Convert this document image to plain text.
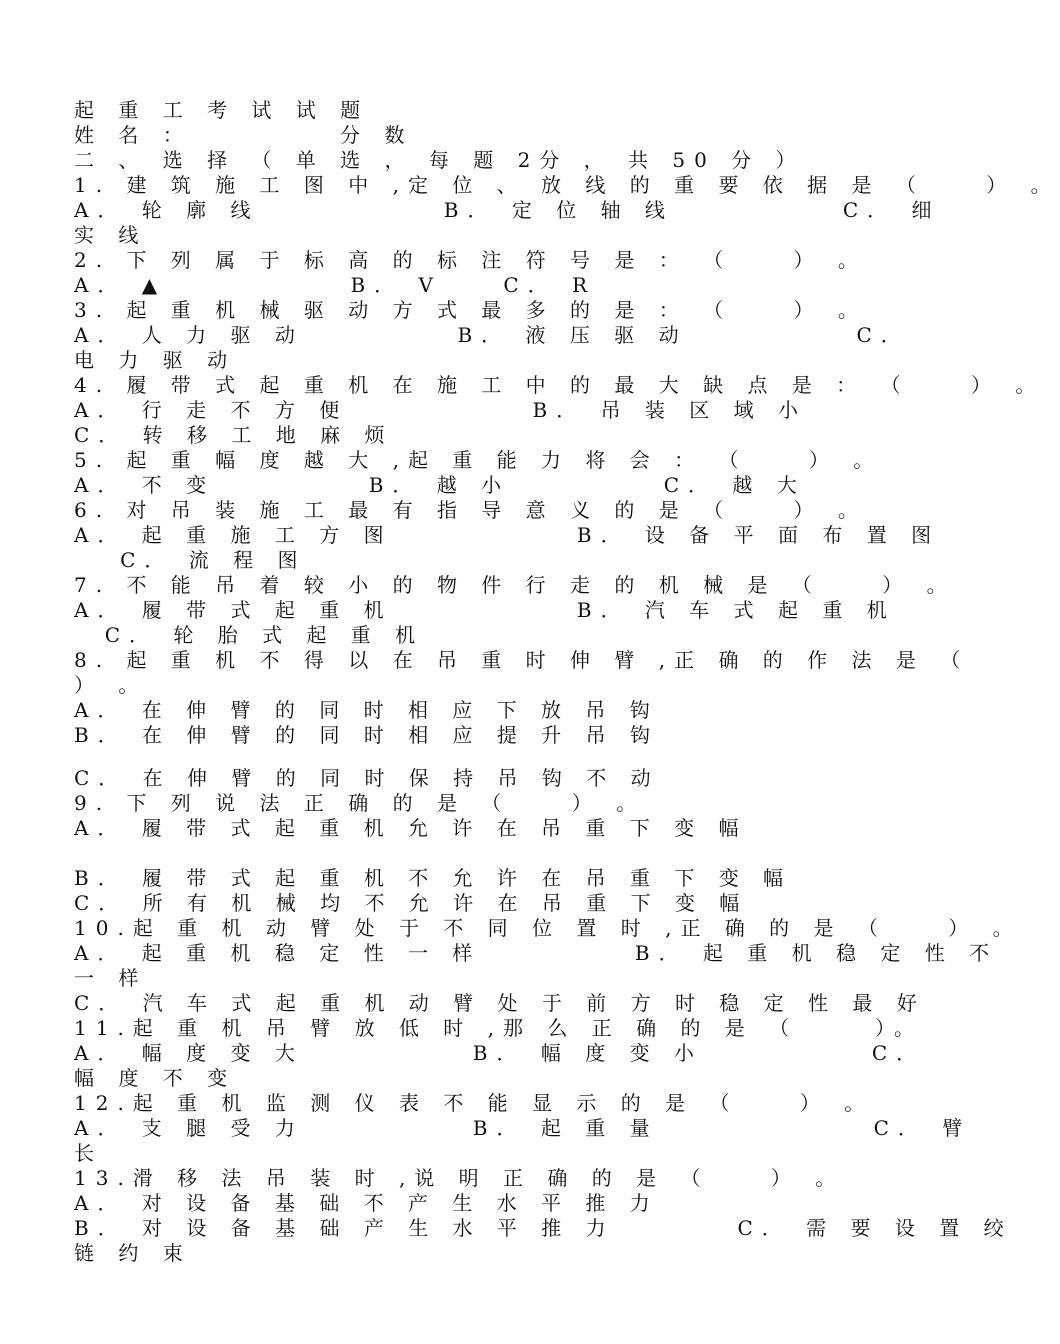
起 重 工 考 试 试 题
姓 名 ：	分 数
二 、 选 择 （ 单 选 ， 每 题 2分 ， 共 50 分 ）
1. 建 筑 施 工 图 中 ,定 位 、 放 线 的 重 要 依 据 是 （    ） 。
A． 轮 廓 线            B． 定 位 轴 线           C． 细
实 线
2. 下 列 属 于 标 高 的 标 注 符 号 是 ： （    ） 。
A． ▲            B． V    C． R
3. 起 重 机 械 驱 动 方 式 最 多 的 是 ： （    ） 。
A． 人 力 驱 动          B． 液 压 驱 动           C．
电 力 驱 动
4. 履 带 式 起 重 机 在 施 工 中 的 最 大 缺 点 是 ： （    ） 。
A． 行 走 不 方 便            B． 吊 装 区 域 小
C． 转 移 工 地 麻 烦
5. 起 重 幅 度 越 大 ,起 重 能 力 将 会 ： （    ） 。
A． 不 变          B． 越 小          C． 越 大
6. 对 吊 装 施 工 最 有 指 导 意 义 的 是 （    ） 。
A． 起 重 施 工 方 图            B． 设 备 平 面 布 置 图
C． 流 程 图
7. 不 能 吊 着 较 小 的 物 件 行 走 的 机 械 是 （    ） 。
A． 履 带 式 起 重 机            B． 汽 车 式 起 重 机
C． 轮 胎 式 起 重 机
8. 起 重 机 不 得 以 在 吊 重 时 伸 臂 ,正 确 的 作 法 是 （
） 。
A． 在 伸 臂 的 同 时 相 应 下 放 吊 钩
B． 在 伸 臂 的 同 时 相 应 提 升 吊 钩
C． 在 伸 臂 的 同 时 保 持 吊 钩 不 动
9. 下 列 说 法 正 确 的 是 （    ） 。
A． 履 带 式 起 重 机 允 许 在 吊 重 下 变 幅
B． 履 带 式 起 重 机 不 允 许 在 吊 重 下 变 幅
C． 所 有 机 械 均 不 允 许 在 吊 重 下 变 幅
10.起 重 机 动 臂 处 于 不 同 位 置 时 ,正 确 的 是 （    ） 。
A． 起 重 机 稳 定 性 一 样          B． 起 重 机 稳 定 性 不
一 样
C． 汽 车 式 起 重 机 动 臂 处 于 前 方 时 稳 定 性 最 好
11.起 重 机 吊 臂 放 低 时 ,那 么 正 确 的 是 （     ）。
A． 幅 度 变 大           B． 幅 度 变 小           C．
幅 度 不 变
12.起 重 机 监 测 仪 表 不 能 显 示 的 是 （    ） 。
A． 支 腿 受 力           B． 起 重 量              C． 臂
长
13.滑 移 法 吊 装 时 ,说 明 正 确 的 是 （    ） 。
A． 对 设 备 基 础 不 产 生 水 平 推 力
B． 对 设 备 基 础 产 生 水 平 推 力        C． 需 要 设 置 绞
链 约 束
